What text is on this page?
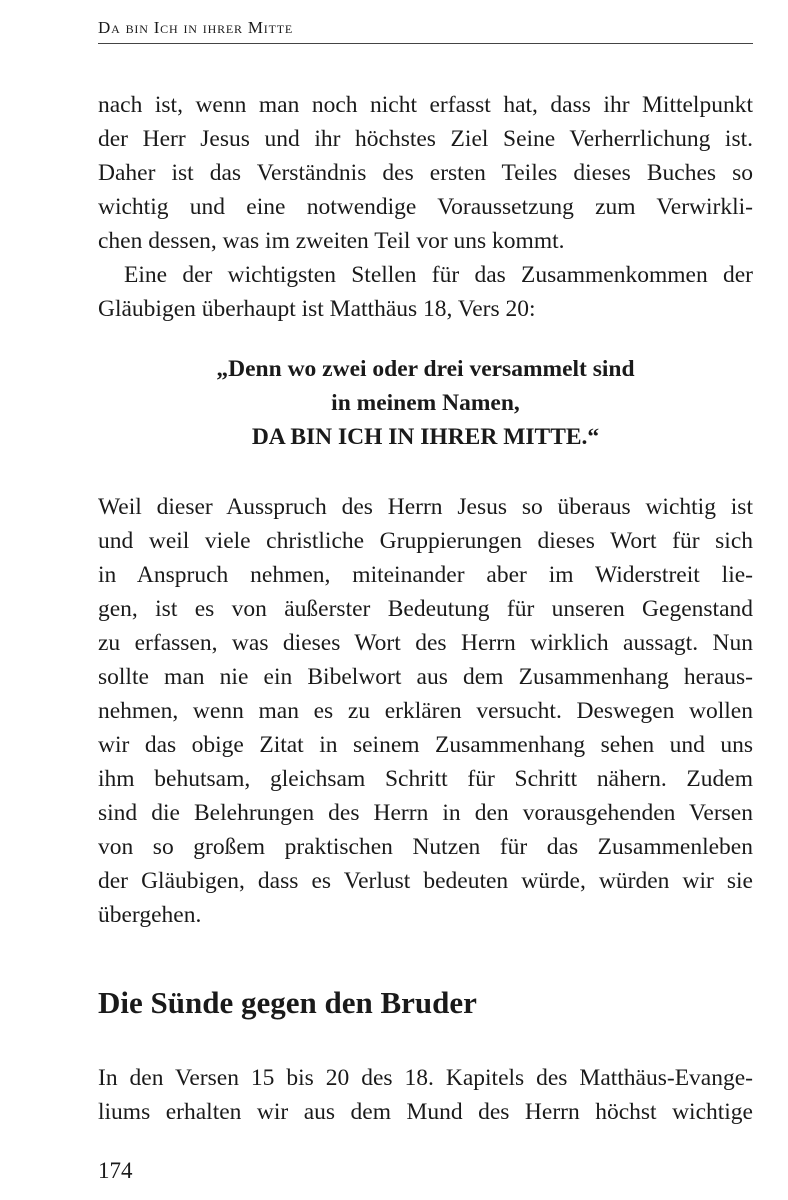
Da bin Ich in ihrer Mitte
nach ist, wenn man noch nicht erfasst hat, dass ihr Mittelpunkt
der Herr Jesus und ihr höchstes Ziel Seine Verherrlichung ist.
Daher ist das Verständnis des ersten Teiles dieses Buches so
wichtig und eine notwendige Voraussetzung zum Verwirkli-
chen dessen, was im zweiten Teil vor uns kommt.
Eine der wichtigsten Stellen für das Zusammenkommen der
Gläubigen überhaupt ist Matthäus 18, Vers 20:
„Denn wo zwei oder drei versammelt sind
in meinem Namen,
DA BIN ICH IN IHRER MITTE.“
Weil dieser Ausspruch des Herrn Jesus so überaus wichtig ist
und weil viele christliche Gruppierungen dieses Wort für sich
in Anspruch nehmen, miteinander aber im Widerstreit lie-
gen, ist es von äußerster Bedeutung für unseren Gegenstand
zu erfassen, was dieses Wort des Herrn wirklich aussagt. Nun
sollte man nie ein Bibelwort aus dem Zusammenhang heraus-
nehmen, wenn man es zu erklären versucht. Deswegen wollen
wir das obige Zitat in seinem Zusammenhang sehen und uns
ihm behutsam, gleichsam Schritt für Schritt nähern. Zudem
sind die Belehrungen des Herrn in den vorausgehenden Versen
von so großem praktischen Nutzen für das Zusammenleben
der Gläubigen, dass es Verlust bedeuten würde, würden wir sie
übergehen.
Die Sünde gegen den Bruder
In den Versen 15 bis 20 des 18. Kapitels des Matthäus-Evange-
liums erhalten wir aus dem Mund des Herrn höchst wichtige
174
